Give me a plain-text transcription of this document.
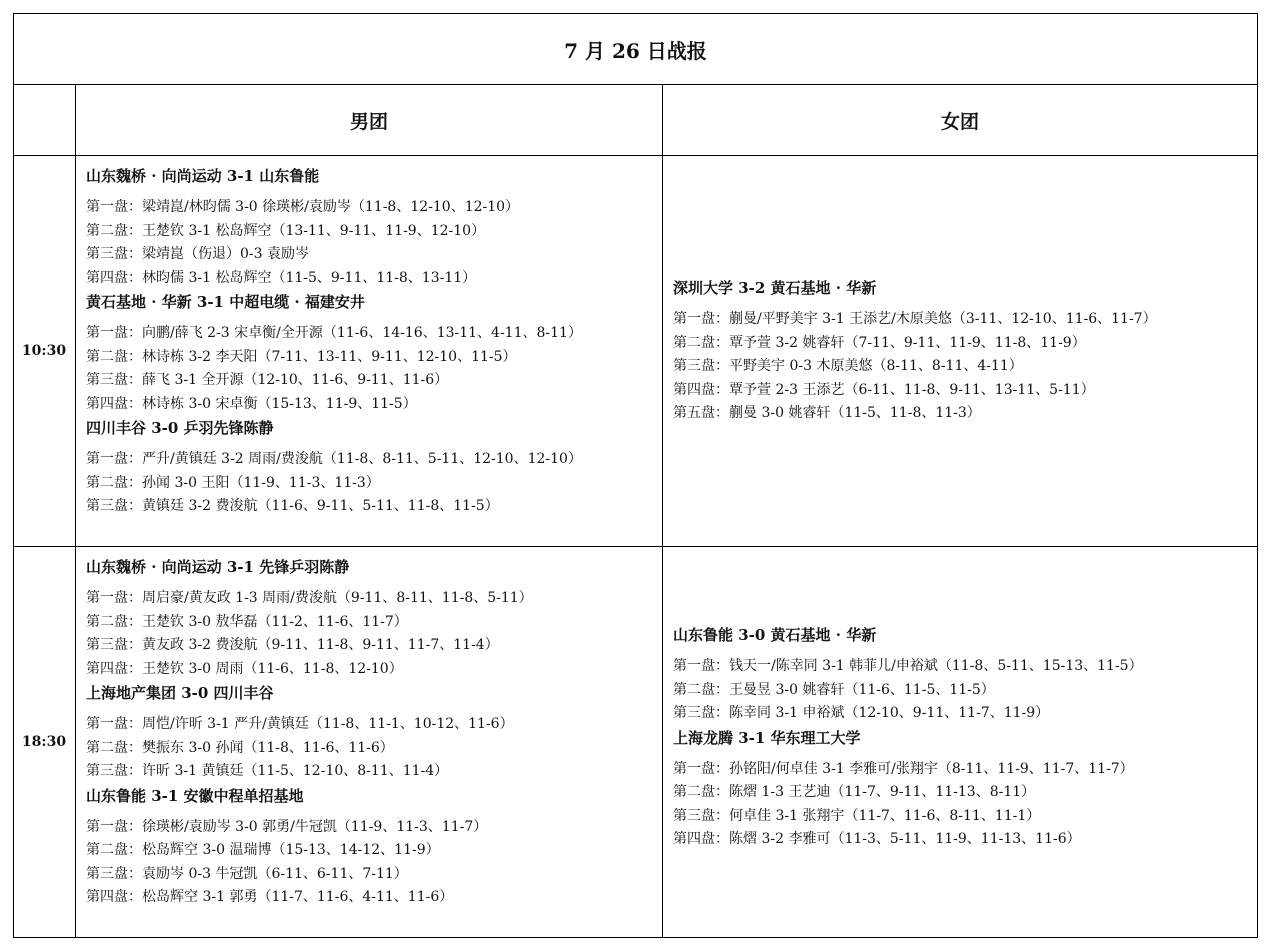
7 月 26 日战报
男团	女团
10:30
山东魏桥 · 向尚运动 3-1 山东鲁能
第一盘：梁靖崑/林昀儒 3-0 徐瑛彬/袁励岑（11-8、12-10、12-10）
第二盘：王楚钦 3-1 松岛辉空（13-11、9-11、11-9、12-10）
第三盘：梁靖崑（伤退）0-3 袁励岑
第四盘：林昀儒 3-1 松岛辉空（11-5、9-11、11-8、13-11）
黄石基地 · 华新 3-1 中超电缆 · 福建安井
第一盘：向鹏/薛飞 2-3 宋卓衡/全开源（11-6、14-16、13-11、4-11、8-11）
第二盘：林诗栋 3-2 李天阳（7-11、13-11、9-11、12-10、11-5）
第三盘：薛飞 3-1 全开源（12-10、11-6、9-11、11-6）
第四盘：林诗栋 3-0 宋卓衡（15-13、11-9、11-5）
四川丰谷 3-0 乒羽先锋陈静
第一盘：严升/黄镇廷 3-2 周雨/费浚航（11-8、8-11、5-11、12-10、12-10）
第二盘：孙闻 3-0 王阳（11-9、11-3、11-3）
第三盘：黄镇廷 3-2 费浚航（11-6、9-11、5-11、11-8、11-5）
深圳大学 3-2 黄石基地 · 华新
第一盘：蒯曼/平野美宇 3-1 王添艺/木原美悠（3-11、12-10、11-6、11-7）
第二盘：覃予萱 3-2 姚睿轩（7-11、9-11、11-9、11-8、11-9）
第三盘：平野美宇 0-3 木原美悠（8-11、8-11、4-11）
第四盘：覃予萱 2-3 王添艺（6-11、11-8、9-11、13-11、5-11）
第五盘：蒯曼 3-0 姚睿轩（11-5、11-8、11-3）
18:30
山东魏桥 · 向尚运动 3-1 先锋乒羽陈静
第一盘：周启豪/黄友政 1-3 周雨/费浚航（9-11、8-11、11-8、5-11）
第二盘：王楚钦 3-0 敖华磊（11-2、11-6、11-7）
第三盘：黄友政 3-2 费浚航（9-11、11-8、9-11、11-7、11-4）
第四盘：王楚钦 3-0 周雨（11-6、11-8、12-10）
上海地产集团 3-0 四川丰谷
第一盘：周恺/许昕 3-1 严升/黄镇廷（11-8、11-1、10-12、11-6）
第二盘：樊振东 3-0 孙闻（11-8、11-6、11-6）
第三盘：许昕 3-1 黄镇廷（11-5、12-10、8-11、11-4）
山东鲁能 3-1 安徽中程单招基地
第一盘：徐瑛彬/袁励岑 3-0 郭勇/牛冠凯（11-9、11-3、11-7）
第二盘：松岛辉空 3-0 温瑞博（15-13、14-12、11-9）
第三盘：袁励岑 0-3 牛冠凯（6-11、6-11、7-11）
第四盘：松岛辉空 3-1 郭勇（11-7、11-6、4-11、11-6）
山东鲁能 3-0 黄石基地 · 华新
第一盘：钱天一/陈幸同 3-1 韩菲儿/申裕斌（11-8、5-11、15-13、11-5）
第二盘：王曼昱 3-0 姚睿轩（11-6、11-5、11-5）
第三盘：陈幸同 3-1 申裕斌（12-10、9-11、11-7、11-9）
上海龙腾 3-1 华东理工大学
第一盘：孙铭阳/何卓佳 3-1 李雅可/张翔宇（8-11、11-9、11-7、11-7）
第二盘：陈熠 1-3 王艺迪（11-7、9-11、11-13、8-11）
第三盘：何卓佳 3-1 张翔宇（11-7、11-6、8-11、11-1）
第四盘：陈熠 3-2 李雅可（11-3、5-11、11-9、11-13、11-6）
